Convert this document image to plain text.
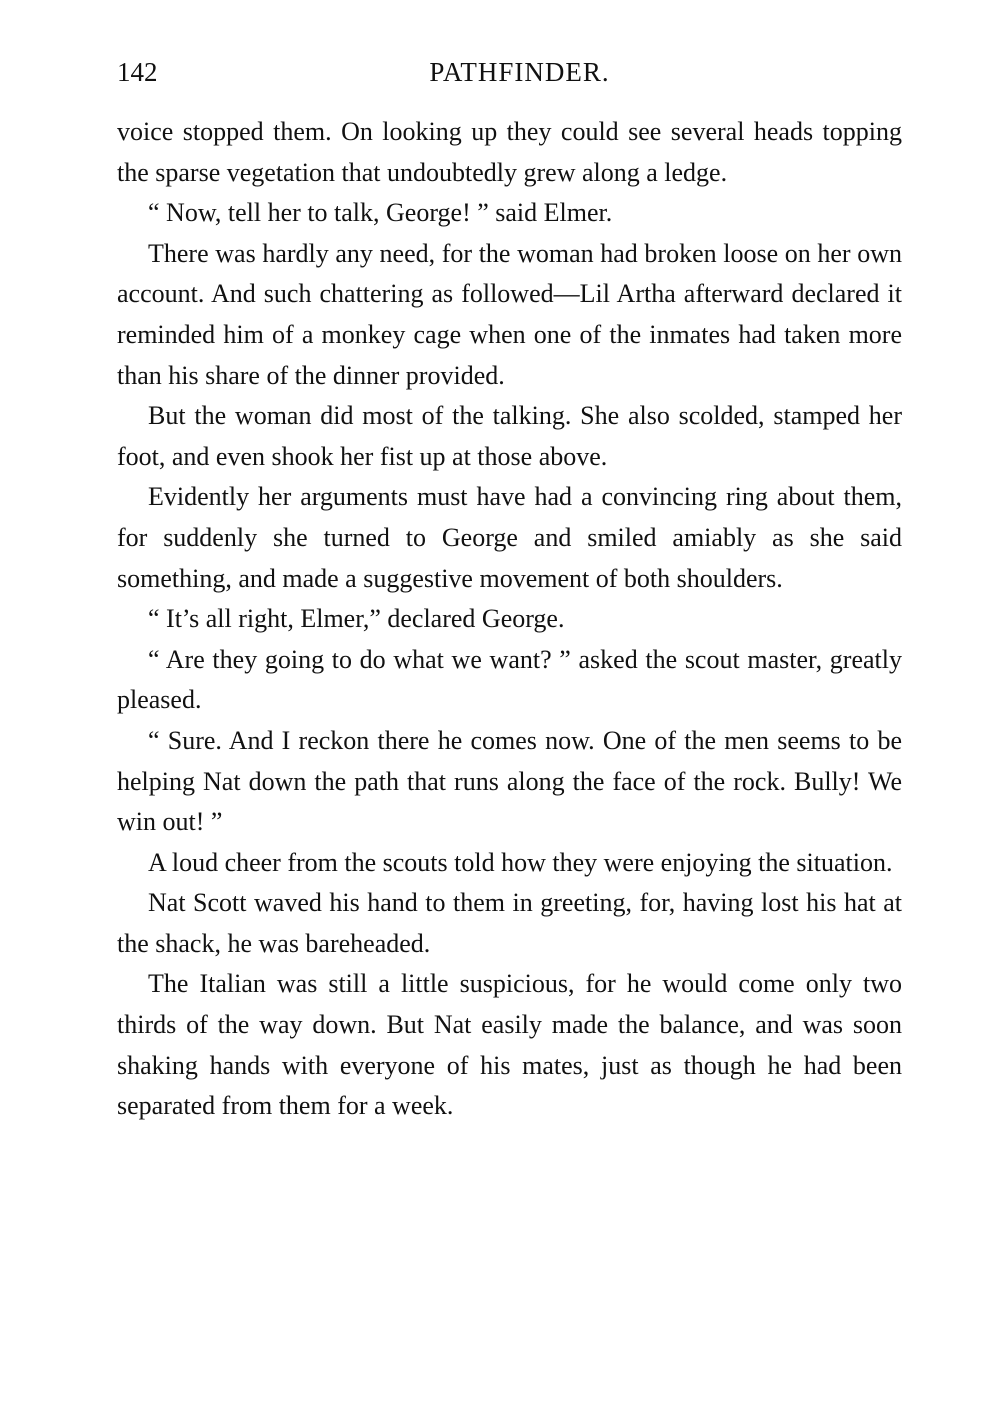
142	PATHFINDER.

voice stopped them. On looking up they could see several heads topping the sparse vegetation that undoubtedly grew along a ledge.

“ Now, tell her to talk, George! ” said Elmer.

There was hardly any need, for the woman had broken loose on her own account. And such chattering as followed—Lil Artha afterward declared it reminded him of a monkey cage when one of the inmates had taken more than his share of the dinner provided.

But the woman did most of the talking. She also scolded, stamped her foot, and even shook her fist up at those above.

Evidently her arguments must have had a convincing ring about them, for suddenly she turned to George and smiled amiably as she said something, and made a suggestive movement of both shoulders.

“ It’s all right, Elmer,” declared George.

“ Are they going to do what we want? ” asked the scout master, greatly pleased.

“ Sure. And I reckon there he comes now. One of the men seems to be helping Nat down the path that runs along the face of the rock. Bully! We win out! ”

A loud cheer from the scouts told how they were enjoying the situation.

Nat Scott waved his hand to them in greeting, for, having lost his hat at the shack, he was bareheaded.

The Italian was still a little suspicious, for he would come only two thirds of the way down. But Nat easily made the balance, and was soon shaking hands with everyone of his mates, just as though he had been separated from them for a week.
